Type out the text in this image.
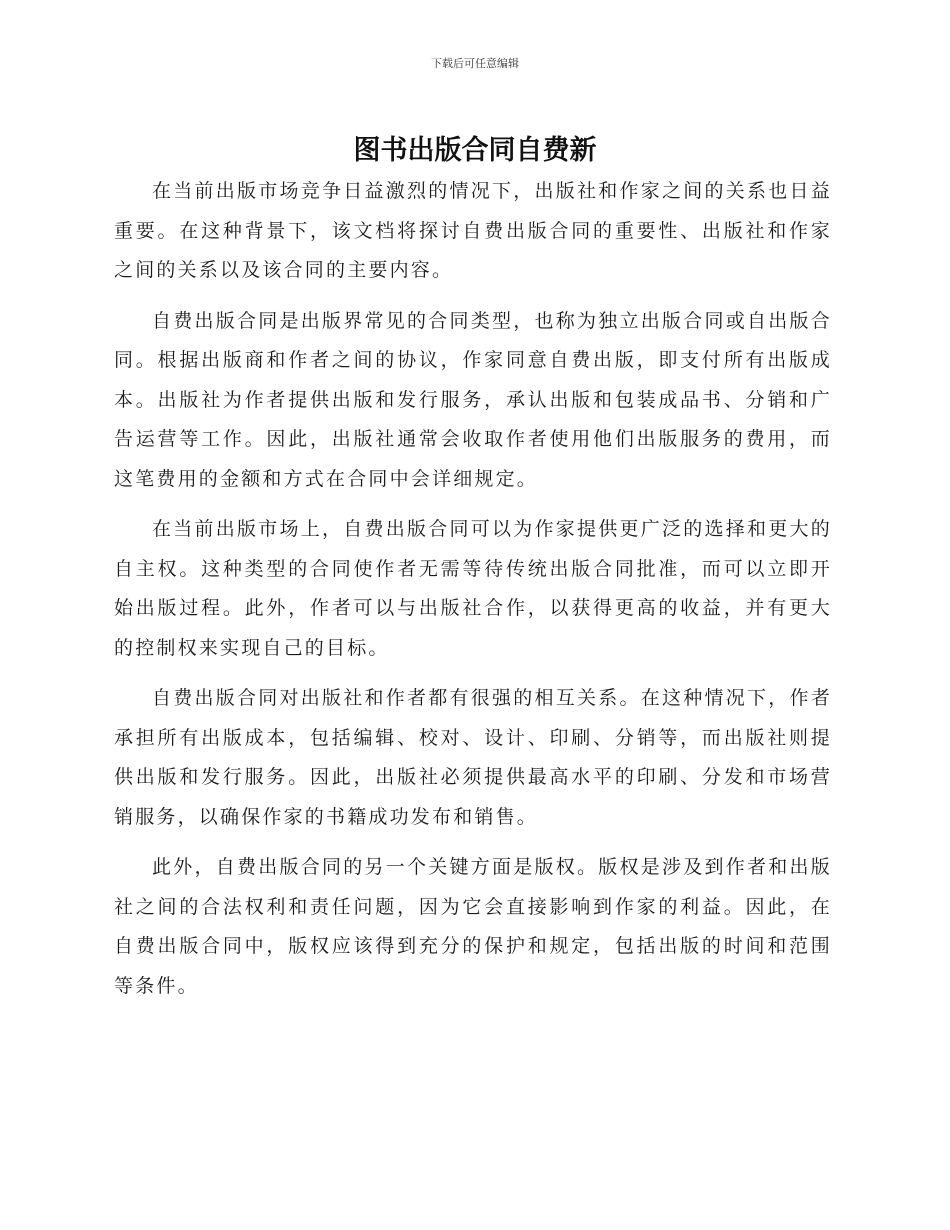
下载后可任意编辑
图书出版合同自费新

在当前出版市场竞争日益激烈的情况下，出版社和作家之间的关系也日益重要。在这种背景下，该文档将探讨自费出版合同的重要性、出版社和作家之间的关系以及该合同的主要内容。

自费出版合同是出版界常见的合同类型，也称为独立出版合同或自出版合同。根据出版商和作者之间的协议，作家同意自费出版，即支付所有出版成本。出版社为作者提供出版和发行服务，承认出版和包装成品书、分销和广告运营等工作。因此，出版社通常会收取作者使用他们出版服务的费用，而这笔费用的金额和方式在合同中会详细规定。

在当前出版市场上，自费出版合同可以为作家提供更广泛的选择和更大的自主权。这种类型的合同使作者无需等待传统出版合同批准，而可以立即开始出版过程。此外，作者可以与出版社合作，以获得更高的收益，并有更大的控制权来实现自己的目标。

自费出版合同对出版社和作者都有很强的相互关系。在这种情况下，作者承担所有出版成本，包括编辑、校对、设计、印刷、分销等，而出版社则提供出版和发行服务。因此，出版社必须提供最高水平的印刷、分发和市场营销服务，以确保作家的书籍成功发布和销售。

此外，自费出版合同的另一个关键方面是版权。版权是涉及到作者和出版社之间的合法权利和责任问题，因为它会直接影响到作家的利益。因此，在自费出版合同中，版权应该得到充分的保护和规定，包括出版的时间和范围等条件。
